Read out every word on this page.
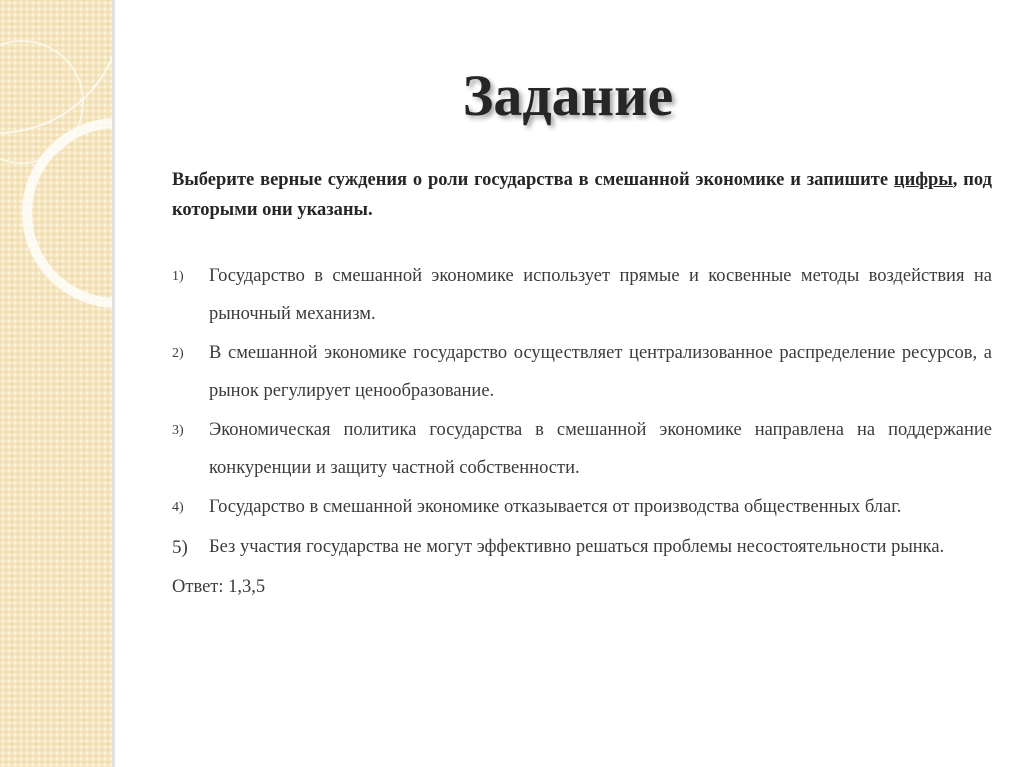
Задание

Выберите верные суждения о роли государства в смешанной экономике и запишите цифры, под которыми они указаны.

1)	Государство в смешанной экономике использует прямые и косвенные методы воздействия на рыночный механизм.
2)	В смешанной экономике государство осуществляет централизованное распределение ресурсов, а рынок регулирует ценообразование.
3)	Экономическая политика государства в смешанной экономике направлена на поддержание конкуренции и защиту частной собственности.
4)	Государство в смешанной экономике отказывается от производства общественных благ.
5)	Без участия государства не могут эффективно решаться проблемы несостоятельности рынка.
Ответ: 1,3,5
